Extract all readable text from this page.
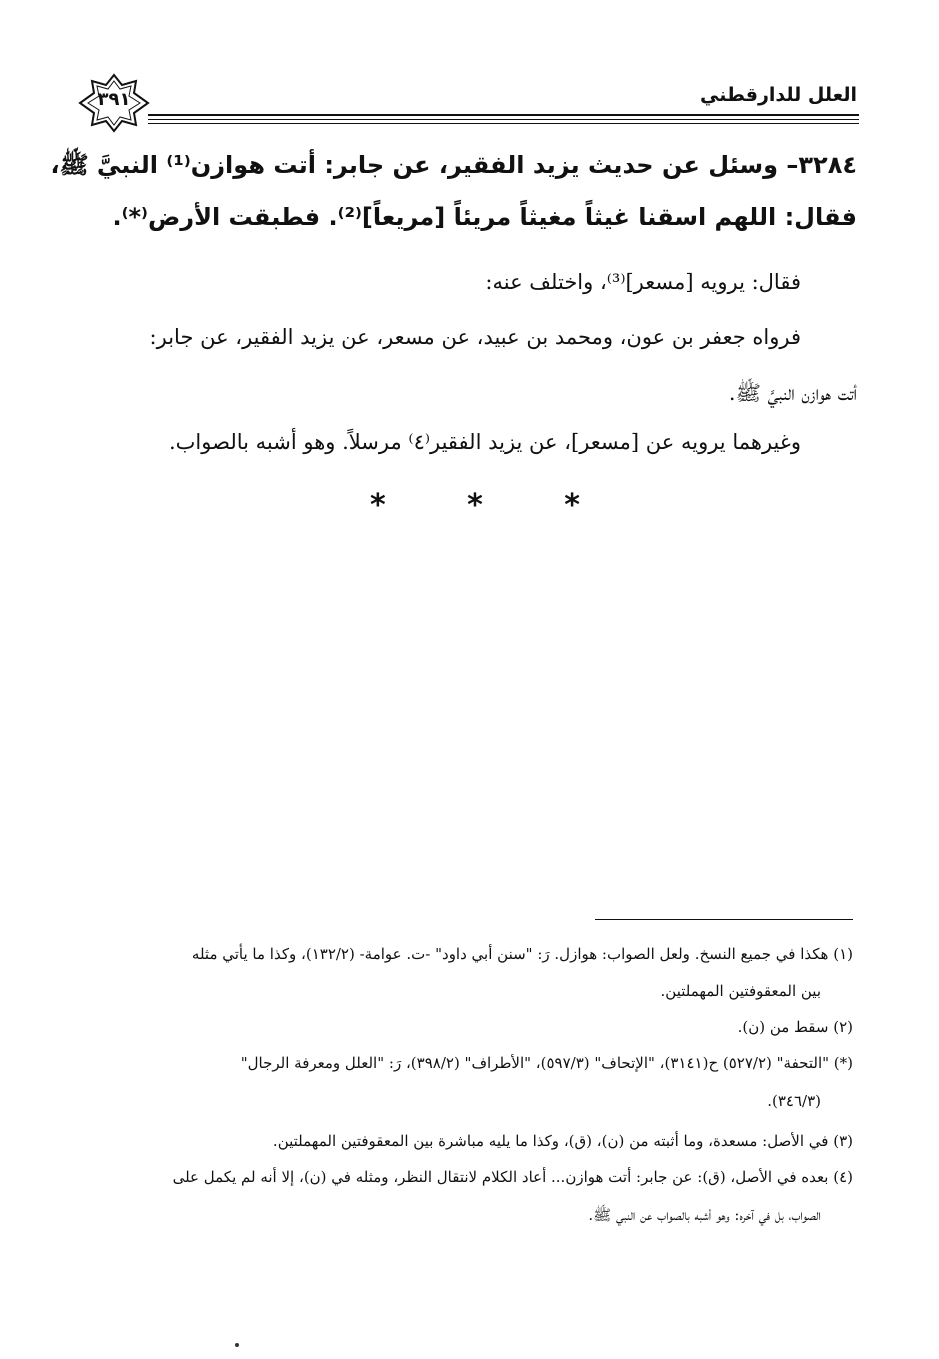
العلل للدارقطني
٣٩١
٣٢٨٤– وسئل عن حديث يزيد الفقير، عن جابر: أتت هوازن⁽¹⁾ النبيَّ ﷺ،
فقال: اللهم اسقنا غيثاً مغيثاً مريئاً [مريعاً]⁽²⁾. فطبقت الأرض⁽*⁾.
فقال: يرويه [مسعر]⁽³⁾، واختلف عنه:
فرواه جعفر بن عون، ومحمد بن عبيد، عن مسعر، عن يزيد الفقير، عن جابر:
أتت هوازن النبيَّ ﷺ.
وغيرهما يرويه عن [مسعر]، عن يزيد الفقير⁽٤⁾ مرسلاً. وهو أشبه بالصواب.
*	*	*
(١) هكذا في جميع النسخ. ولعل الصواب: هوازل. رَ: "سنن أبي داود" -ت. عوامة- (١٣٢/٢)، وكذا ما يأتي مثله
بين المعقوفتين المهملتين.
(٢) سقط من (ن).
(*) "التحفة" (٥٢٧/٢) ح(٣١٤١)، "الإتحاف" (٥٩٧/٣)، "الأطراف" (٣٩٨/٢)، رَ: "العلل ومعرفة الرجال"
(٣٤٦/٣).
(٣) في الأصل: مسعدة، وما أثبته من (ن)، (ق)، وكذا ما يليه مباشرة بين المعقوفتين المهملتين.
(٤) بعده في الأصل، (ق): عن جابر: أتت هوازن... أعاد الكلام لانتقال النظر، ومثله في (ن)، إلا أنه لم يكمل على
الصواب، بل في آخره: وهو أشبه بالصواب عن النبي ﷺ.
